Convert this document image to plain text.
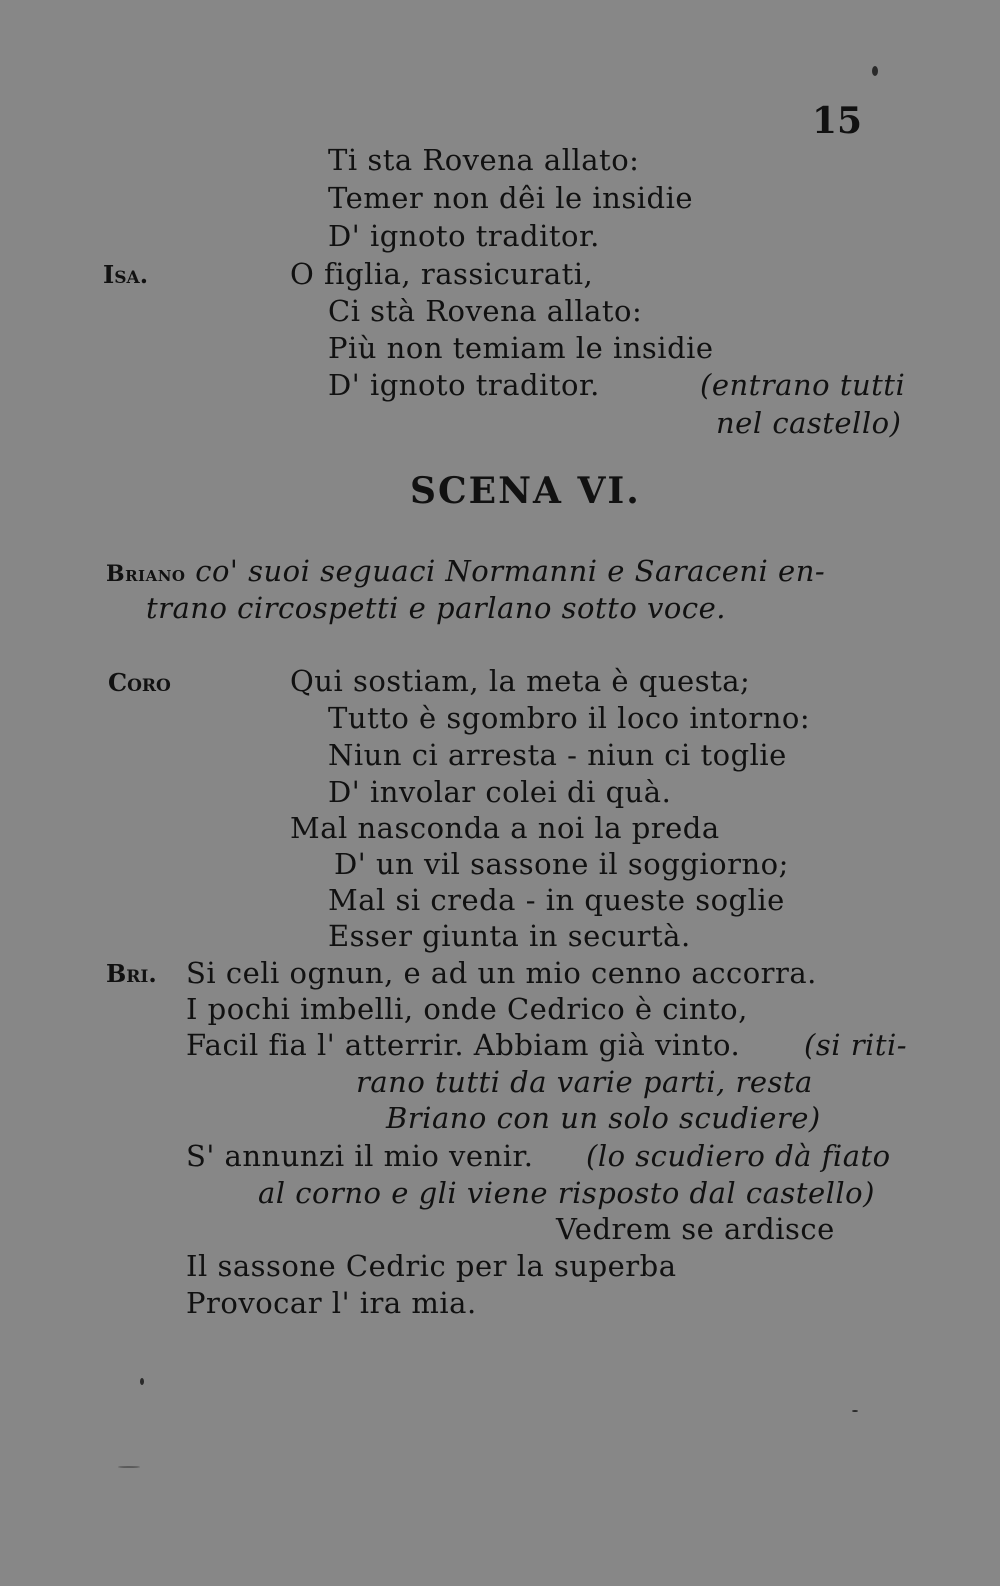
15
Ti sta Rovena allato:
Temer non dêi le insidie
D' ignoto traditor.
Isa.	O figlia, rassicurati,
Ci stà Rovena allato:
Più non temiam le insidie
D' ignoto traditor.	(entrano tutti
nel castello)
SCENA VI.
Briano co' suoi seguaci Normanni e Saraceni en-
trano circospetti e parlano sotto voce.
Coro	Qui sostiam, la meta è questa;
Tutto è sgombro il loco intorno:
Niun ci arresta - niun ci toglie
D' involar colei di quà.
Mal nasconda a noi la preda
D' un vil sassone il soggiorno;
Mal si creda - in queste soglie
Esser giunta in securtà.
Bri. Si celi ognun, e ad un mio cenno accorra.
I pochi imbelli, onde Cedrico è cinto,
Facil fia l' atterrir. Abbiam già vinto. (si riti-
rano tutti da varie parti, resta
Briano con un solo scudiere)
S' annunzi il mio venir. (lo scudiero dà fiato
al corno e gli viene risposto dal castello)
Vedrem se ardisce
Il sassone Cedric per la superba
Provocar l' ira mia.
